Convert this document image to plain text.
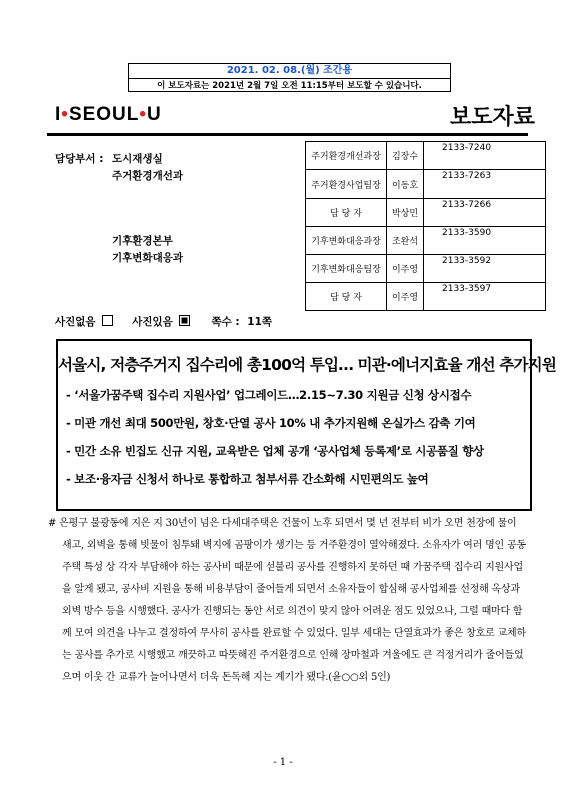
2021. 02. 08.(월) 조간용
이 보도자료는 2021년 2월 7일 오전 11:15부터 보도할 수 있습니다.
I•SEOUL•U	보도자료
담당부서 : 도시재생실
주거환경개선과
기후환경본부
기후변화대응과
주거환경개선과장	김장수	2133-7240
주거환경사업팀장	이동호	2133-7263
담 당 자	박상민	2133-7266
기후변화대응과장	조완석	2133-3590
기후변화대응팀장	이주영	2133-3592
담 당 자	이주영	2133-3597
사진없음	사진있음	쪽수 : 11쪽
서울시, 저층주거지 집수리에 총100억 투입… 미관·에너지효율 개선 추가지원
- ‘서울가꿈주택 집수리 지원사업’ 업그레이드…2.15~7.30 지원금 신청 상시접수
- 미관 개선 최대 500만원, 창호·단열 공사 10% 내 추가지원해 온실가스 감축 기여
- 민간 소유 빈집도 신규 지원, 교육받은 업체 공개 ‘공사업체 등록제’로 시공품질 향상
- 보조·융자금 신청서 하나로 통합하고 첨부서류 간소화해 시민편의도 높여

# 은평구 불광동에 지은 지 30년이 넘은 다세대주택은 건물이 노후 되면서 몇 년 전부터 비가 오면 천장에 물이 새고, 외벽을 통해 빗물이 침투돼 벽지에 곰팡이가 생기는 등 거주환경이 열악해졌다. 소유자가 여러 명인 공동주택 특성 상 각자 부담해야 하는 공사비 때문에 섣불리 공사를 진행하지 못하던 때 가꿈주택 집수리 지원사업을 알게 됐고, 공사비 지원을 통해 비용부담이 줄어들게 되면서 소유자들이 합심해 공사업체를 선정해 옥상과 외벽 방수 등을 시행했다. 공사가 진행되는 동안 서로 의견이 맞지 않아 어려운 점도 있었으나, 그럴 때마다 함께 모여 의견을 나누고 결정하여 무사히 공사를 완료할 수 있었다. 일부 세대는 단열효과가 좋은 창호로 교체하는 공사를 추가로 시행했고 깨끗하고 따뜻해진 주거환경으로 인해 장마철과 겨울에도 큰 걱정거리가 줄어들었으며 이웃 간 교류가 늘어나면서 더욱 돈독해 지는 계기가 됐다.(윤○○외 5인)

- 1 -
